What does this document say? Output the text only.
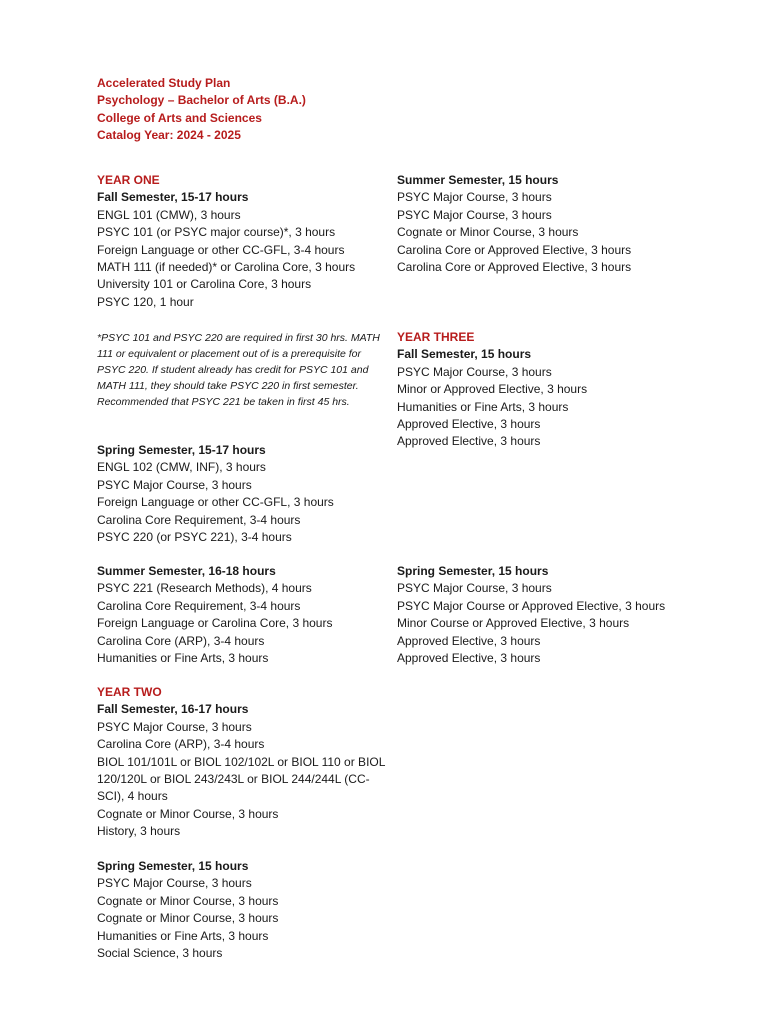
Accelerated Study Plan
Psychology – Bachelor of Arts (B.A.)
College of Arts and Sciences
Catalog Year: 2024 - 2025
YEAR ONE
Fall Semester, 15-17 hours
ENGL 101 (CMW), 3 hours
PSYC 101 (or PSYC major course)*, 3 hours
Foreign Language or other CC-GFL, 3-4 hours
MATH 111 (if needed)* or Carolina Core, 3 hours
University 101 or Carolina Core, 3 hours
PSYC 120, 1 hour
*PSYC 101 and PSYC 220 are required in first 30 hrs. MATH 111 or equivalent or placement out of is a prerequisite for PSYC 220. If student already has credit for PSYC 101 and MATH 111, they should take PSYC 220 in first semester. Recommended that PSYC 221 be taken in first 45 hrs.
Spring Semester, 15-17 hours
ENGL 102 (CMW, INF), 3 hours
PSYC Major Course, 3 hours
Foreign Language or other CC-GFL, 3 hours
Carolina Core Requirement, 3-4 hours
PSYC 220 (or PSYC 221), 3-4 hours
Summer Semester, 16-18 hours
PSYC 221 (Research Methods), 4 hours
Carolina Core Requirement, 3-4 hours
Foreign Language or Carolina Core, 3 hours
Carolina Core (ARP), 3-4 hours
Humanities or Fine Arts, 3 hours
YEAR TWO
Fall Semester, 16-17 hours
PSYC Major Course, 3 hours
Carolina Core (ARP), 3-4 hours
BIOL 101/101L or BIOL 102/102L or BIOL 110 or BIOL 120/120L or BIOL 243/243L or BIOL 244/244L (CC-SCI), 4 hours
Cognate or Minor Course, 3 hours
History, 3 hours
Spring Semester, 15 hours
PSYC Major Course, 3 hours
Cognate or Minor Course, 3 hours
Cognate or Minor Course, 3 hours
Humanities or Fine Arts, 3 hours
Social Science, 3 hours
Summer Semester, 15 hours
PSYC Major Course, 3 hours
PSYC Major Course, 3 hours
Cognate or Minor Course, 3 hours
Carolina Core or Approved Elective, 3 hours
Carolina Core or Approved Elective, 3 hours
YEAR THREE
Fall Semester, 15 hours
PSYC Major Course, 3 hours
Minor or Approved Elective, 3 hours
Humanities or Fine Arts, 3 hours
Approved Elective, 3 hours
Approved Elective, 3 hours
Spring Semester, 15 hours
PSYC Major Course, 3 hours
PSYC Major Course or Approved Elective, 3 hours
Minor Course or Approved Elective, 3 hours
Approved Elective, 3 hours
Approved Elective, 3 hours
